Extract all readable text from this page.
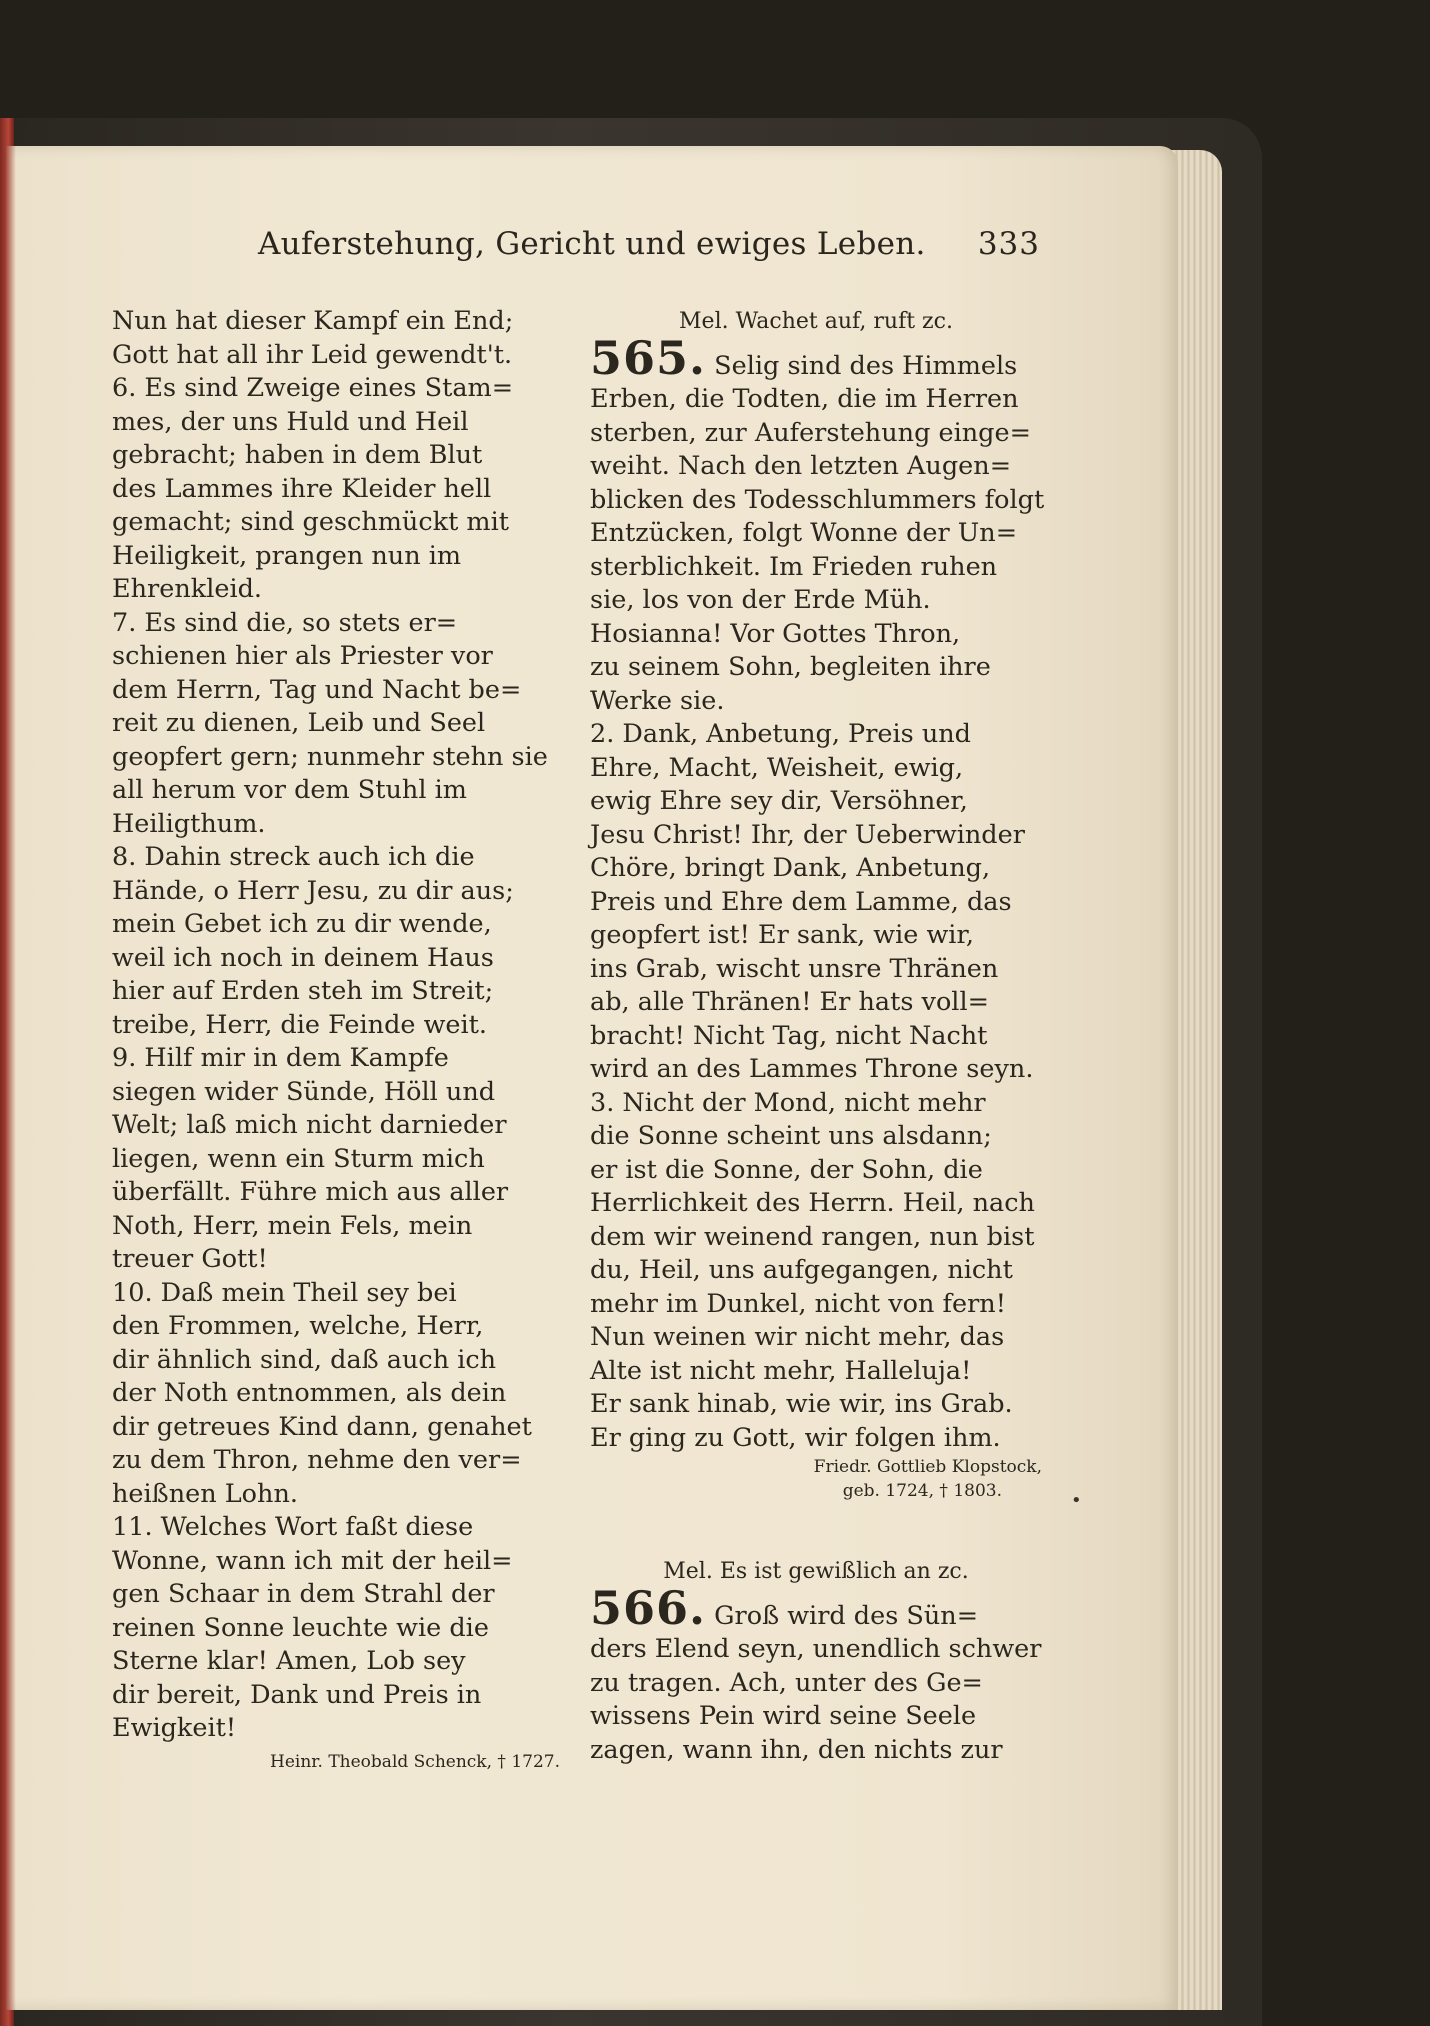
Auferstehung, Gericht und ewiges Leben. 333
Nun hat dieser Kampf ein End;
Gott hat all ihr Leid gewendt't.
6. Es sind Zweige eines Stam=
mes, der uns Huld und Heil
gebracht; haben in dem Blut
des Lammes ihre Kleider hell
gemacht; sind geschmückt mit
Heiligkeit, prangen nun im
Ehrenkleid.
7. Es sind die, so stets er=
schienen hier als Priester vor
dem Herrn, Tag und Nacht be=
reit zu dienen, Leib und Seel
geopfert gern; nunmehr stehn sie
all herum vor dem Stuhl im
Heiligthum.
8. Dahin streck auch ich die
Hände, o Herr Jesu, zu dir aus;
mein Gebet ich zu dir wende,
weil ich noch in deinem Haus
hier auf Erden steh im Streit;
treibe, Herr, die Feinde weit.
9. Hilf mir in dem Kampfe
siegen wider Sünde, Höll und
Welt; laß mich nicht darnieder
liegen, wenn ein Sturm mich
überfällt. Führe mich aus aller
Noth, Herr, mein Fels, mein
treuer Gott!
10. Daß mein Theil sey bei
den Frommen, welche, Herr,
dir ähnlich sind, daß auch ich
der Noth entnommen, als dein
dir getreues Kind dann, genahet
zu dem Thron, nehme den ver=
heißnen Lohn.
11. Welches Wort faßt diese
Wonne, wann ich mit der heil=
gen Schaar in dem Strahl der
reinen Sonne leuchte wie die
Sterne klar! Amen, Lob sey
dir bereit, Dank und Preis in
Ewigkeit!
Heinr. Theobald Schenck, † 1727.
Mel. Wachet auf, ruft zc.
565. Selig sind des Himmels
Erben, die Todten, die im Herren
sterben, zur Auferstehung einge=
weiht. Nach den letzten Augen=
blicken des Todesschlummers folgt
Entzücken, folgt Wonne der Un=
sterblichkeit. Im Frieden ruhen
sie, los von der Erde Müh.
Hosianna! Vor Gottes Thron,
zu seinem Sohn, begleiten ihre
Werke sie.
2. Dank, Anbetung, Preis und
Ehre, Macht, Weisheit, ewig,
ewig Ehre sey dir, Versöhner,
Jesu Christ! Ihr, der Ueberwinder
Chöre, bringt Dank, Anbetung,
Preis und Ehre dem Lamme, das
geopfert ist! Er sank, wie wir,
ins Grab, wischt unsre Thränen
ab, alle Thränen! Er hats voll=
bracht! Nicht Tag, nicht Nacht
wird an des Lammes Throne seyn.
3. Nicht der Mond, nicht mehr
die Sonne scheint uns alsdann;
er ist die Sonne, der Sohn, die
Herrlichkeit des Herrn. Heil, nach
dem wir weinend rangen, nun bist
du, Heil, uns aufgegangen, nicht
mehr im Dunkel, nicht von fern!
Nun weinen wir nicht mehr, das
Alte ist nicht mehr, Halleluja!
Er sank hinab, wie wir, ins Grab.
Er ging zu Gott, wir folgen ihm.
Friedr. Gottlieb Klopstock,
geb. 1724, † 1803.
Mel. Es ist gewißlich an zc.
566. Groß wird des Sün=
ders Elend seyn, unendlich schwer
zu tragen. Ach, unter des Ge=
wissens Pein wird seine Seele
zagen, wann ihn, den nichts zur
•
